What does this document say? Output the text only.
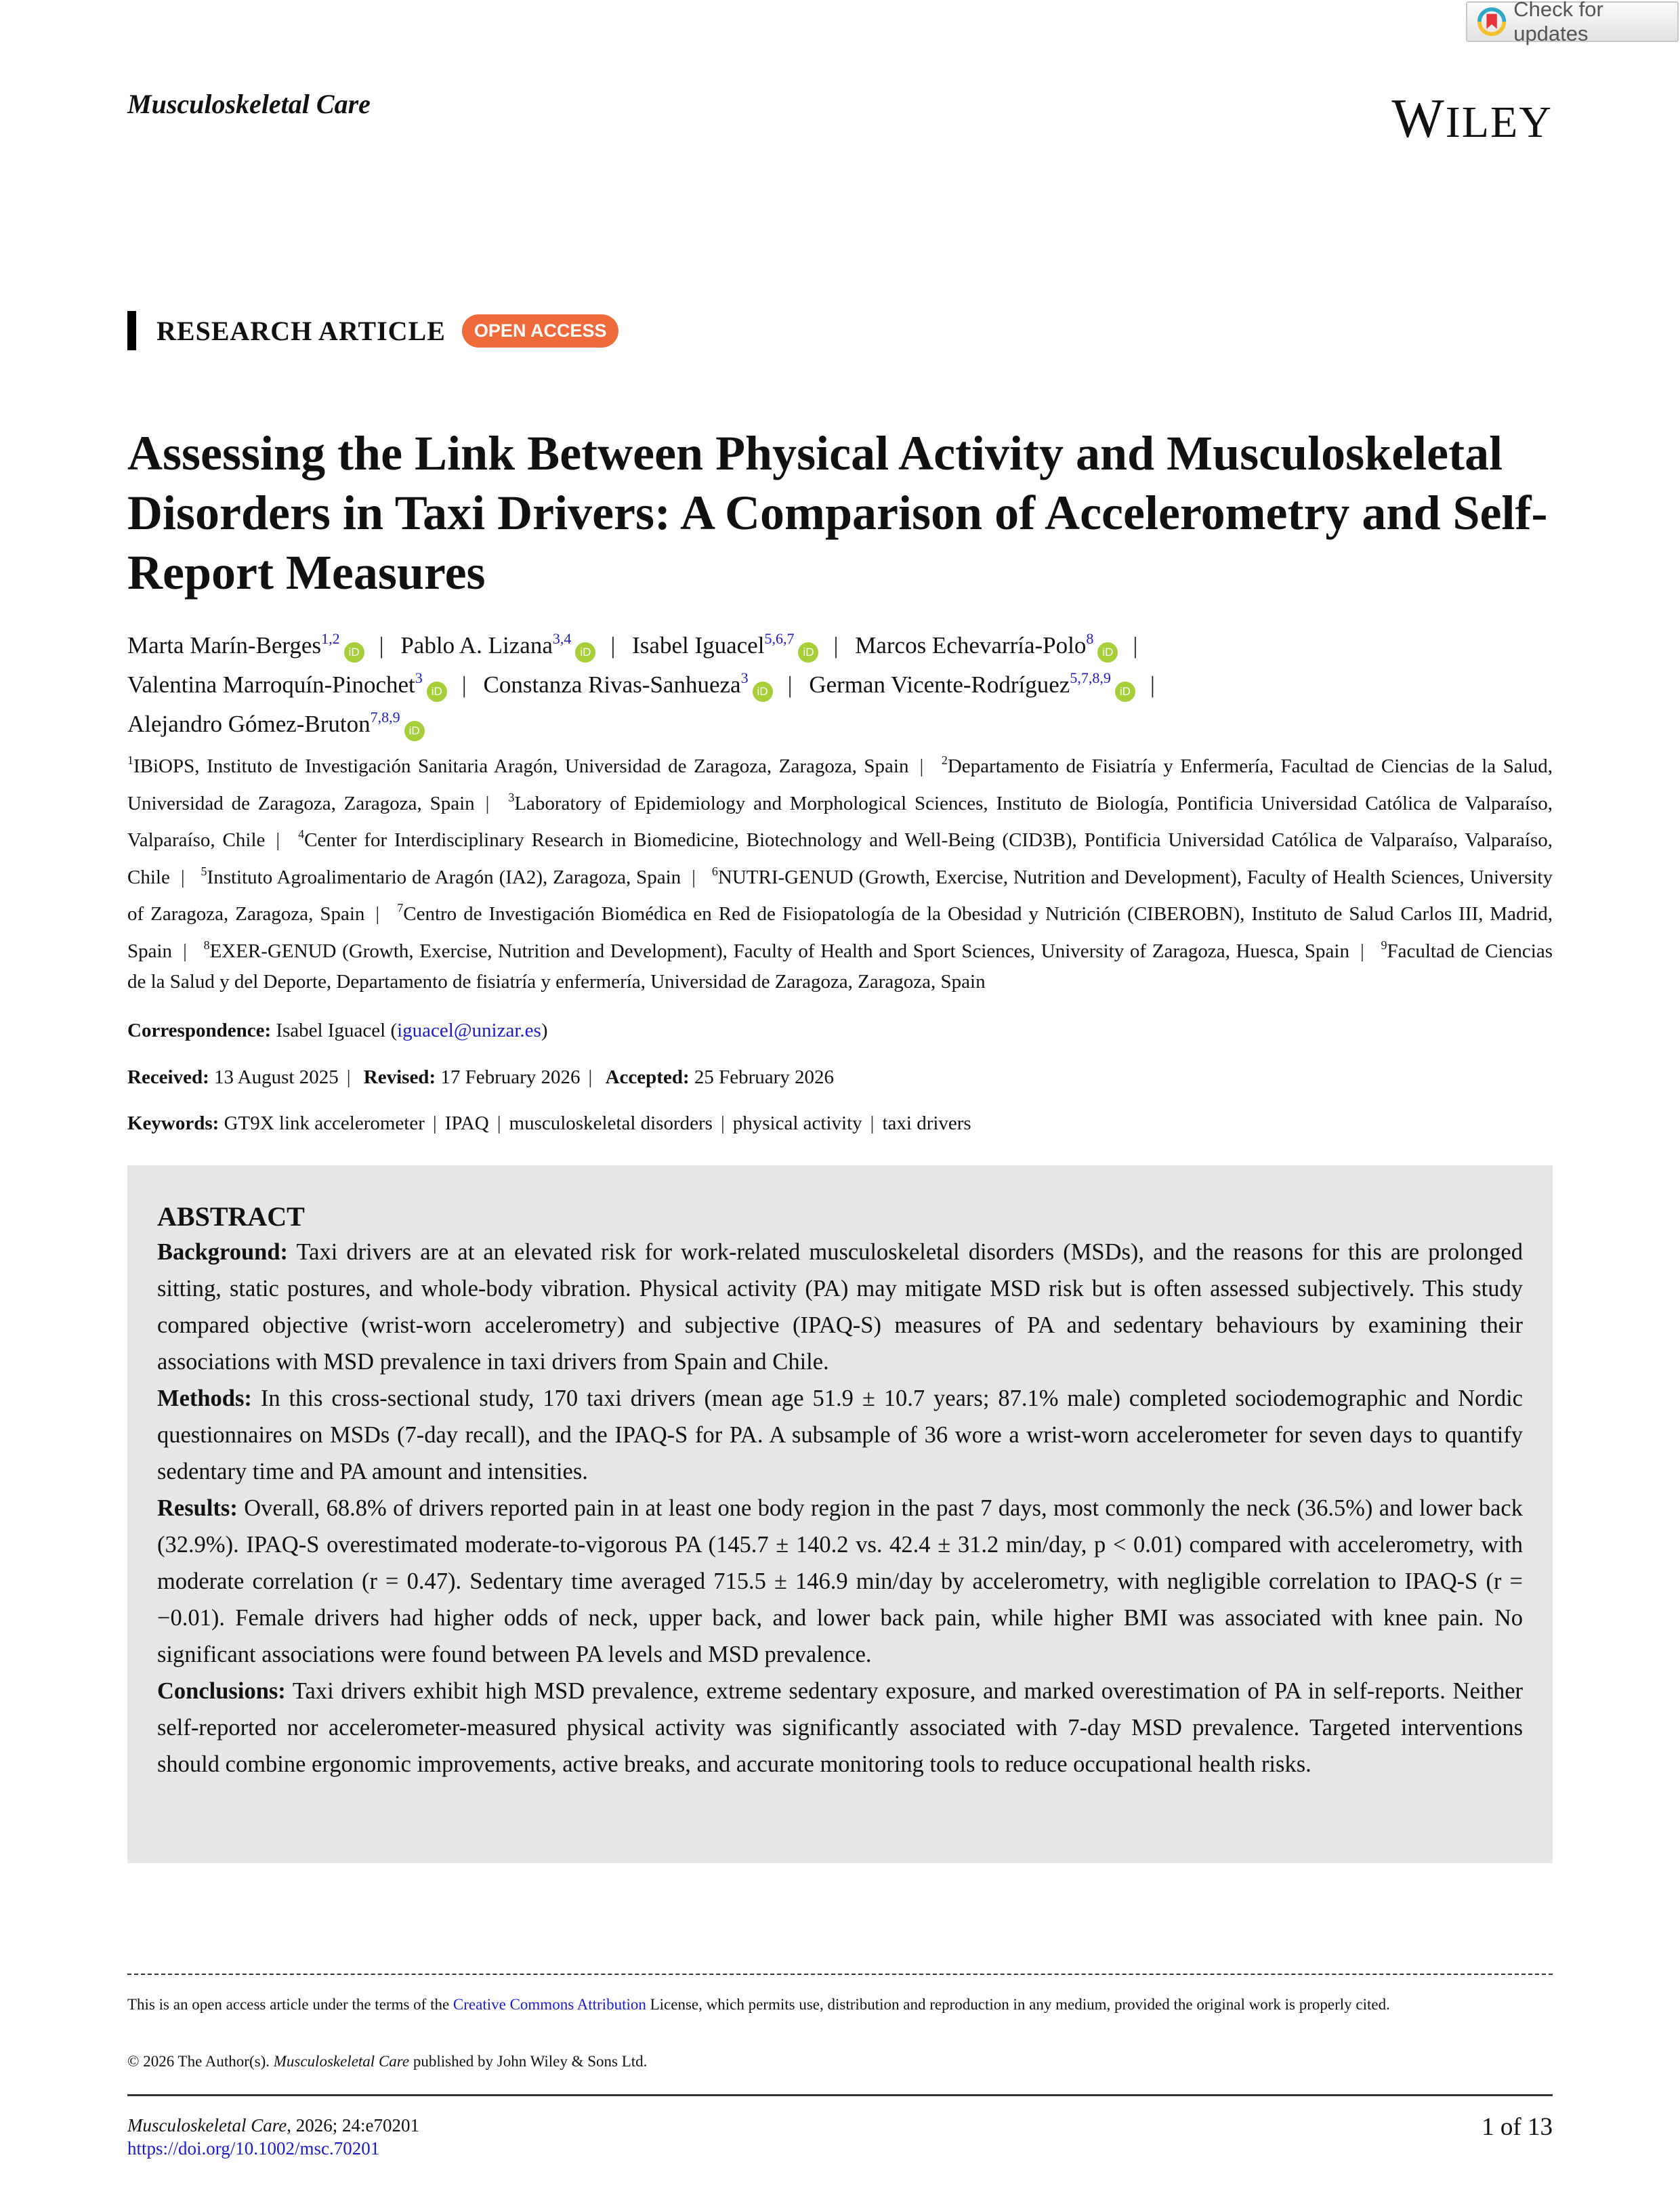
Check for updates
Musculoskeletal Care	WILEY
RESEARCH ARTICLE	OPEN ACCESS
Assessing the Link Between Physical Activity and Musculoskeletal Disorders in Taxi Drivers: A Comparison of Accelerometry and Self-Report Measures
Marta Marín-Berges$^{1,2}$iD | Pablo A. Lizana$^{3,4}$iD | Isabel Iguacel$^{5,6,7}$iD | Marcos Echevarría-Polo$^8$iD |
Valentina Marroquín-Pinochet$^3$iD | Constanza Rivas-Sanhueza$^3$iD | German Vicente-Rodríguez$^{5,7,8,9}$iD |
Alejandro Gómez-Bruton$^{7,8,9}$iD
$^1$IBiOPS, Instituto de Investigación Sanitaria Aragón, Universidad de Zaragoza, Zaragoza, Spain | $^2$Departamento de Fisiatría y Enfermería, Facultad de Ciencias de la Salud, Universidad de Zaragoza, Zaragoza, Spain | $^3$Laboratory of Epidemiology and Morphological Sciences, Instituto de Biología, Pontificia Universidad Católica de Valparaíso, Valparaíso, Chile | $^4$Center for Interdisciplinary Research in Biomedicine, Biotechnology and Well-Being (CID3B), Pontificia Universidad Católica de Valparaíso, Valparaíso, Chile | $^5$Instituto Agroalimentario de Aragón (IA2), Zaragoza, Spain | $^6$NUTRI-GENUD (Growth, Exercise, Nutrition and Development), Faculty of Health Sciences, University of Zaragoza, Zaragoza, Spain | $^7$Centro de Investigación Biomédica en Red de Fisiopatología de la Obesidad y Nutrición (CIBEROBN), Instituto de Salud Carlos III, Madrid, Spain | $^8$EXER-GENUD (Growth, Exercise, Nutrition and Development), Faculty of Health and Sport Sciences, University of Zaragoza, Huesca, Spain | $^9$Facultad de Ciencias de la Salud y del Deporte, Departamento de fisiatría y enfermería, Universidad de Zaragoza, Zaragoza, Spain
Correspondence: Isabel Iguacel (iguacel@unizar.es)
Received: 13 August 2025 | Revised: 17 February 2026 | Accepted: 25 February 2026
Keywords: GT9X link accelerometer | IPAQ | musculoskeletal disorders | physical activity | taxi drivers
ABSTRACT

Background: Taxi drivers are at an elevated risk for work-related musculoskeletal disorders (MSDs), and the reasons for this are prolonged sitting, static postures, and whole-body vibration. Physical activity (PA) may mitigate MSD risk but is often assessed subjectively. This study compared objective (wrist-worn accelerometry) and subjective (IPAQ-S) measures of PA and sedentary behaviours by examining their associations with MSD prevalence in taxi drivers from Spain and Chile.

Methods: In this cross-sectional study, 170 taxi drivers (mean age 51.9 ± 10.7 years; 87.1% male) completed sociodemographic and Nordic questionnaires on MSDs (7-day recall), and the IPAQ-S for PA. A subsample of 36 wore a wrist-worn accelerometer for seven days to quantify sedentary time and PA amount and intensities.

Results: Overall, 68.8% of drivers reported pain in at least one body region in the past 7 days, most commonly the neck (36.5%) and lower back (32.9%). IPAQ-S overestimated moderate-to-vigorous PA (145.7 ± 140.2 vs. 42.4 ± 31.2 min/day, p < 0.01) compared with accelerometry, with moderate correlation (r = 0.47). Sedentary time averaged 715.5 ± 146.9 min/day by accelerometry, with negligible correlation to IPAQ-S (r = −0.01). Female drivers had higher odds of neck, upper back, and lower back pain, while higher BMI was associated with knee pain. No significant associations were found between PA levels and MSD prevalence.

Conclusions: Taxi drivers exhibit high MSD prevalence, extreme sedentary exposure, and marked overestimation of PA in self-reports. Neither self-reported nor accelerometer-measured physical activity was significantly associated with 7-day MSD prevalence. Targeted interventions should combine ergonomic improvements, active breaks, and accurate monitoring tools to reduce occupational health risks.

This is an open access article under the terms of the Creative Commons Attribution License, which permits use, distribution and reproduction in any medium, provided the original work is properly cited.
© 2026 The Author(s). Musculoskeletal Care published by John Wiley & Sons Ltd.
Musculoskeletal Care, 2026; 24:e70201
https://doi.org/10.1002/msc.70201
1 of 13
